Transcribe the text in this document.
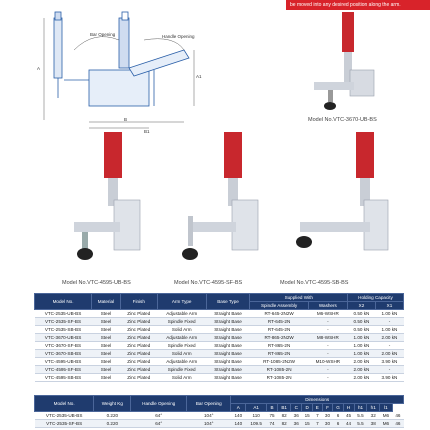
be moved into any desired position along the arm.
Bar Opening	Handle Opening
A
A1
B
B1
Model No.VTC-3670-UB-BS
Model No.VTC-4595-UB-BS	Model No.VTC-4595-SF-BS	Model No.VTC-4595-SB-BS
Model No.	Material	Finish	Arm Type	Base Type	Supplied With		Holding Capacity	
					Spindle Assembly	Washers	X2	X1
VTC-2535-UB-BS	Steel	Zinc Plated	Adjustable Arm	Straight Base	RT-645-2N2W	M6-WSHR	0.50 kN	1.00 kN
VTC-2535-SF-BS	Steel	Zinc Plated	Spindle Fixed	Straight Base	RT-645-2N	-	0.50 kN	-
VTC-2535-SB-BS	Steel	Zinc Plated	Solid Arm	Straight Base	RT-645-2N	-	0.50 kN	1.00 kN
VTC-3670-UB-BS	Steel	Zinc Plated	Adjustable Arm	Straight Base	RT-865-2N2W	M8-WSHR	1.00 kN	2.00 kN
VTC-3670-SF-BS	Steel	Zinc Plated	Spindle Fixed	Straight Base	RT-865-2N	-	1.00 kN	-
VTC-3670-SB-BS	Steel	Zinc Plated	Solid Arm	Straight Base	RT-865-2N	-	1.00 kN	2.00 kN
VTC-4595-UB-BS	Steel	Zinc Plated	Adjustable Arm	Straight Base	RT-1085-2N2W	M10-WSHR	2.00 kN	3.90 kN
VTC-4595-SF-BS	Steel	Zinc Plated	Spindle Fixed	Straight Base	RT-1085-2N	-	2.00 kN	-
VTC-4595-SB-BS	Steel	Zinc Plated	Solid Arm	Straight Base	RT-1085-2N	-	2.00 kN	3.90 kN
Model No.	Weight Kg	Handle Opening	Bar Opening	Dimensions													
				A	A1	B	B1	C	D	E	F	G	H	h1	h1	l1	
VTC-2535-UB-BS	0.220	64°	104°	140	110	75	82	36	15	7	30	6	45	5.5	32	M6	46
VTC-2535-SF-BS	0.220	64°	104°	140	109.5	74	82	36	15	7	30	6	44	5.5	38	M6	46
